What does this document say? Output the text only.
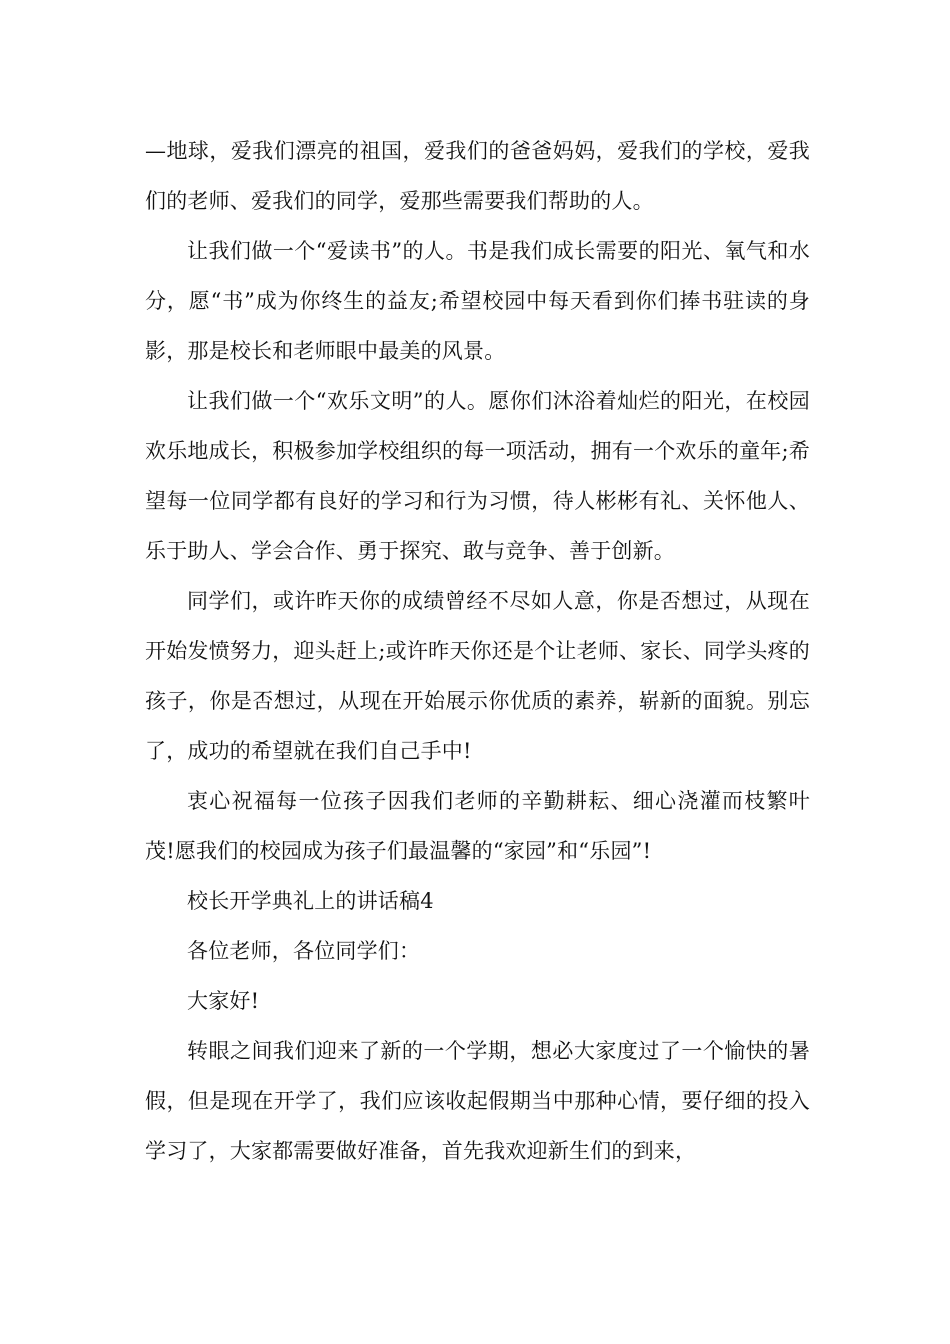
—地球，爱我们漂亮的祖国，爱我们的爸爸妈妈，爱我们的学校，爱我们的老师、爱我们的同学，爱那些需要我们帮助的人。

让我们做一个“爱读书”的人。书是我们成长需要的阳光、氧气和水分，愿“书”成为你终生的益友;希望校园中每天看到你们捧书驻读的身影，那是校长和老师眼中最美的风景。

让我们做一个“欢乐文明”的人。愿你们沐浴着灿烂的阳光，在校园欢乐地成长，积极参加学校组织的每一项活动，拥有一个欢乐的童年;希望每一位同学都有良好的学习和行为习惯，待人彬彬有礼、关怀他人、乐于助人、学会合作、勇于探究、敢与竞争、善于创新。

同学们，或许昨天你的成绩曾经不尽如人意，你是否想过，从现在开始发愤努力，迎头赶上;或许昨天你还是个让老师、家长、同学头疼的孩子，你是否想过，从现在开始展示你优质的素养，崭新的面貌。别忘了，成功的希望就在我们自己手中!

衷心祝福每一位孩子因我们老师的辛勤耕耘、细心浇灌而枝繁叶茂!愿我们的校园成为孩子们最温馨的“家园”和“乐园”!

校长开学典礼上的讲话稿4

各位老师，各位同学们：

大家好!

转眼之间我们迎来了新的一个学期，想必大家度过了一个愉快的暑假，但是现在开学了，我们应该收起假期当中那种心情，要仔细的投入学习了，大家都需要做好准备，首先我欢迎新生们的到来，
